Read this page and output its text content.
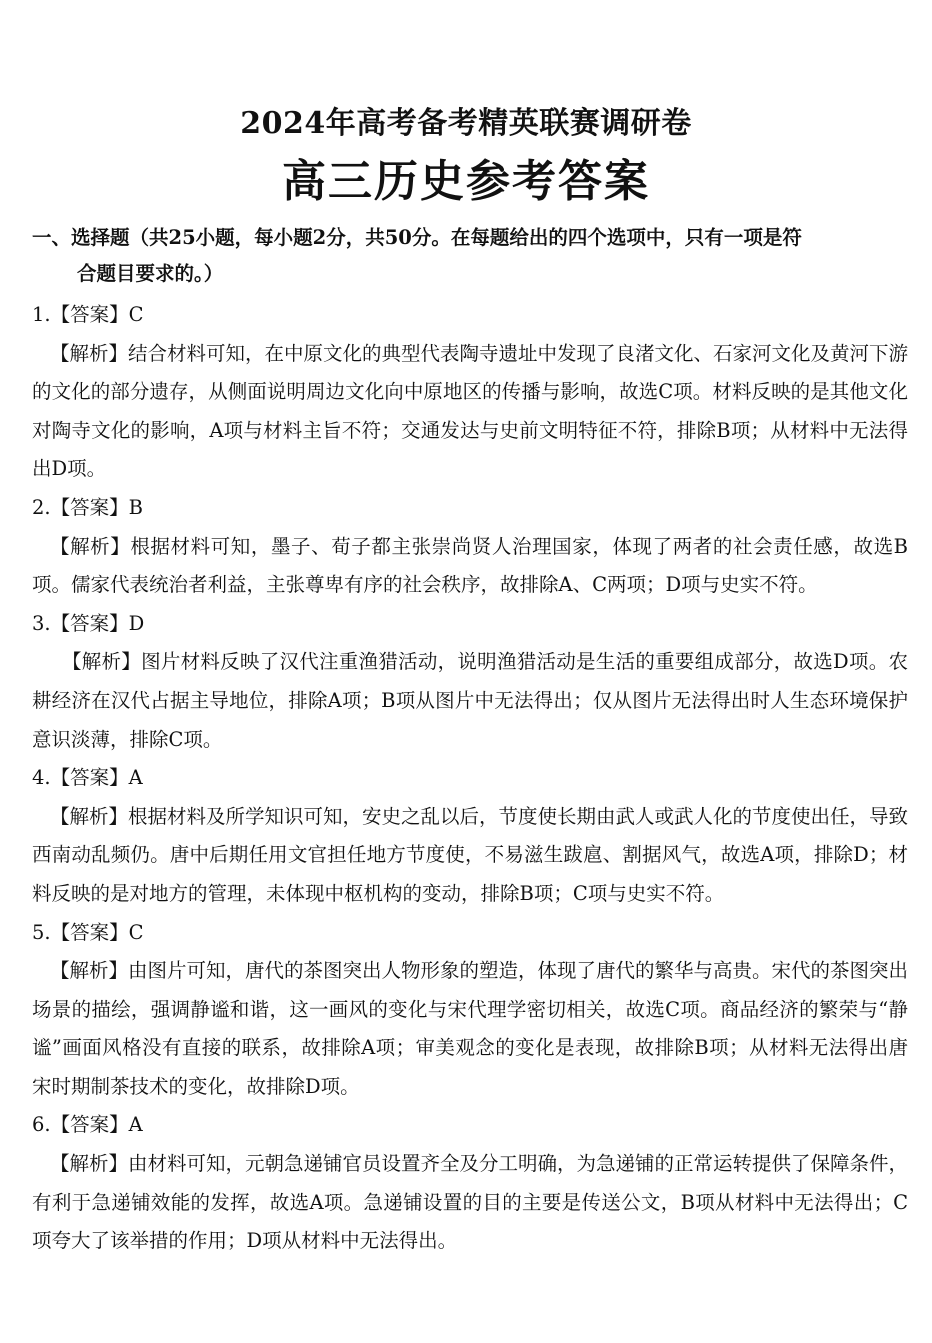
2024年高考备考精英联赛调研卷
高三历史参考答案
一、选择题（共25小题，每小题2分，共50分。在每题给出的四个选项中，只有一项是符
合题目要求的。）
1.【答案】C

【解析】结合材料可知，在中原文化的典型代表陶寺遗址中发现了良渚文化、石家河文化及黄河下游的文化的部分遗存，从侧面说明周边文化向中原地区的传播与影响，故选C项。材料反映的是其他文化对陶寺文化的影响，A项与材料主旨不符；交通发达与史前文明特征不符，排除B项；从材料中无法得出D项。

2.【答案】B

【解析】根据材料可知，墨子、荀子都主张崇尚贤人治理国家，体现了两者的社会责任感，故选B项。儒家代表统治者利益，主张尊卑有序的社会秩序，故排除A、C两项；D项与史实不符。

3.【答案】D

【解析】图片材料反映了汉代注重渔猎活动，说明渔猎活动是生活的重要组成部分，故选D项。农耕经济在汉代占据主导地位，排除A项；B项从图片中无法得出；仅从图片无法得出时人生态环境保护意识淡薄，排除C项。

4.【答案】A

【解析】根据材料及所学知识可知，安史之乱以后，节度使长期由武人或武人化的节度使出任，导致西南动乱频仍。唐中后期任用文官担任地方节度使，不易滋生跋扈、割据风气，故选A项，排除D；材料反映的是对地方的管理，未体现中枢机构的变动，排除B项；C项与史实不符。

5.【答案】C

【解析】由图片可知，唐代的茶图突出人物形象的塑造，体现了唐代的繁华与高贵。宋代的茶图突出场景的描绘，强调静谧和谐，这一画风的变化与宋代理学密切相关，故选C项。商品经济的繁荣与“静谧”画面风格没有直接的联系，故排除A项；审美观念的变化是表现，故排除B项；从材料无法得出唐宋时期制茶技术的变化，故排除D项。

6.【答案】A

【解析】由材料可知，元朝急递铺官员设置齐全及分工明确，为急递铺的正常运转提供了保障条件，有利于急递铺效能的发挥，故选A项。急递铺设置的目的主要是传送公文，B项从材料中无法得出；C项夸大了该举措的作用；D项从材料中无法得出。
